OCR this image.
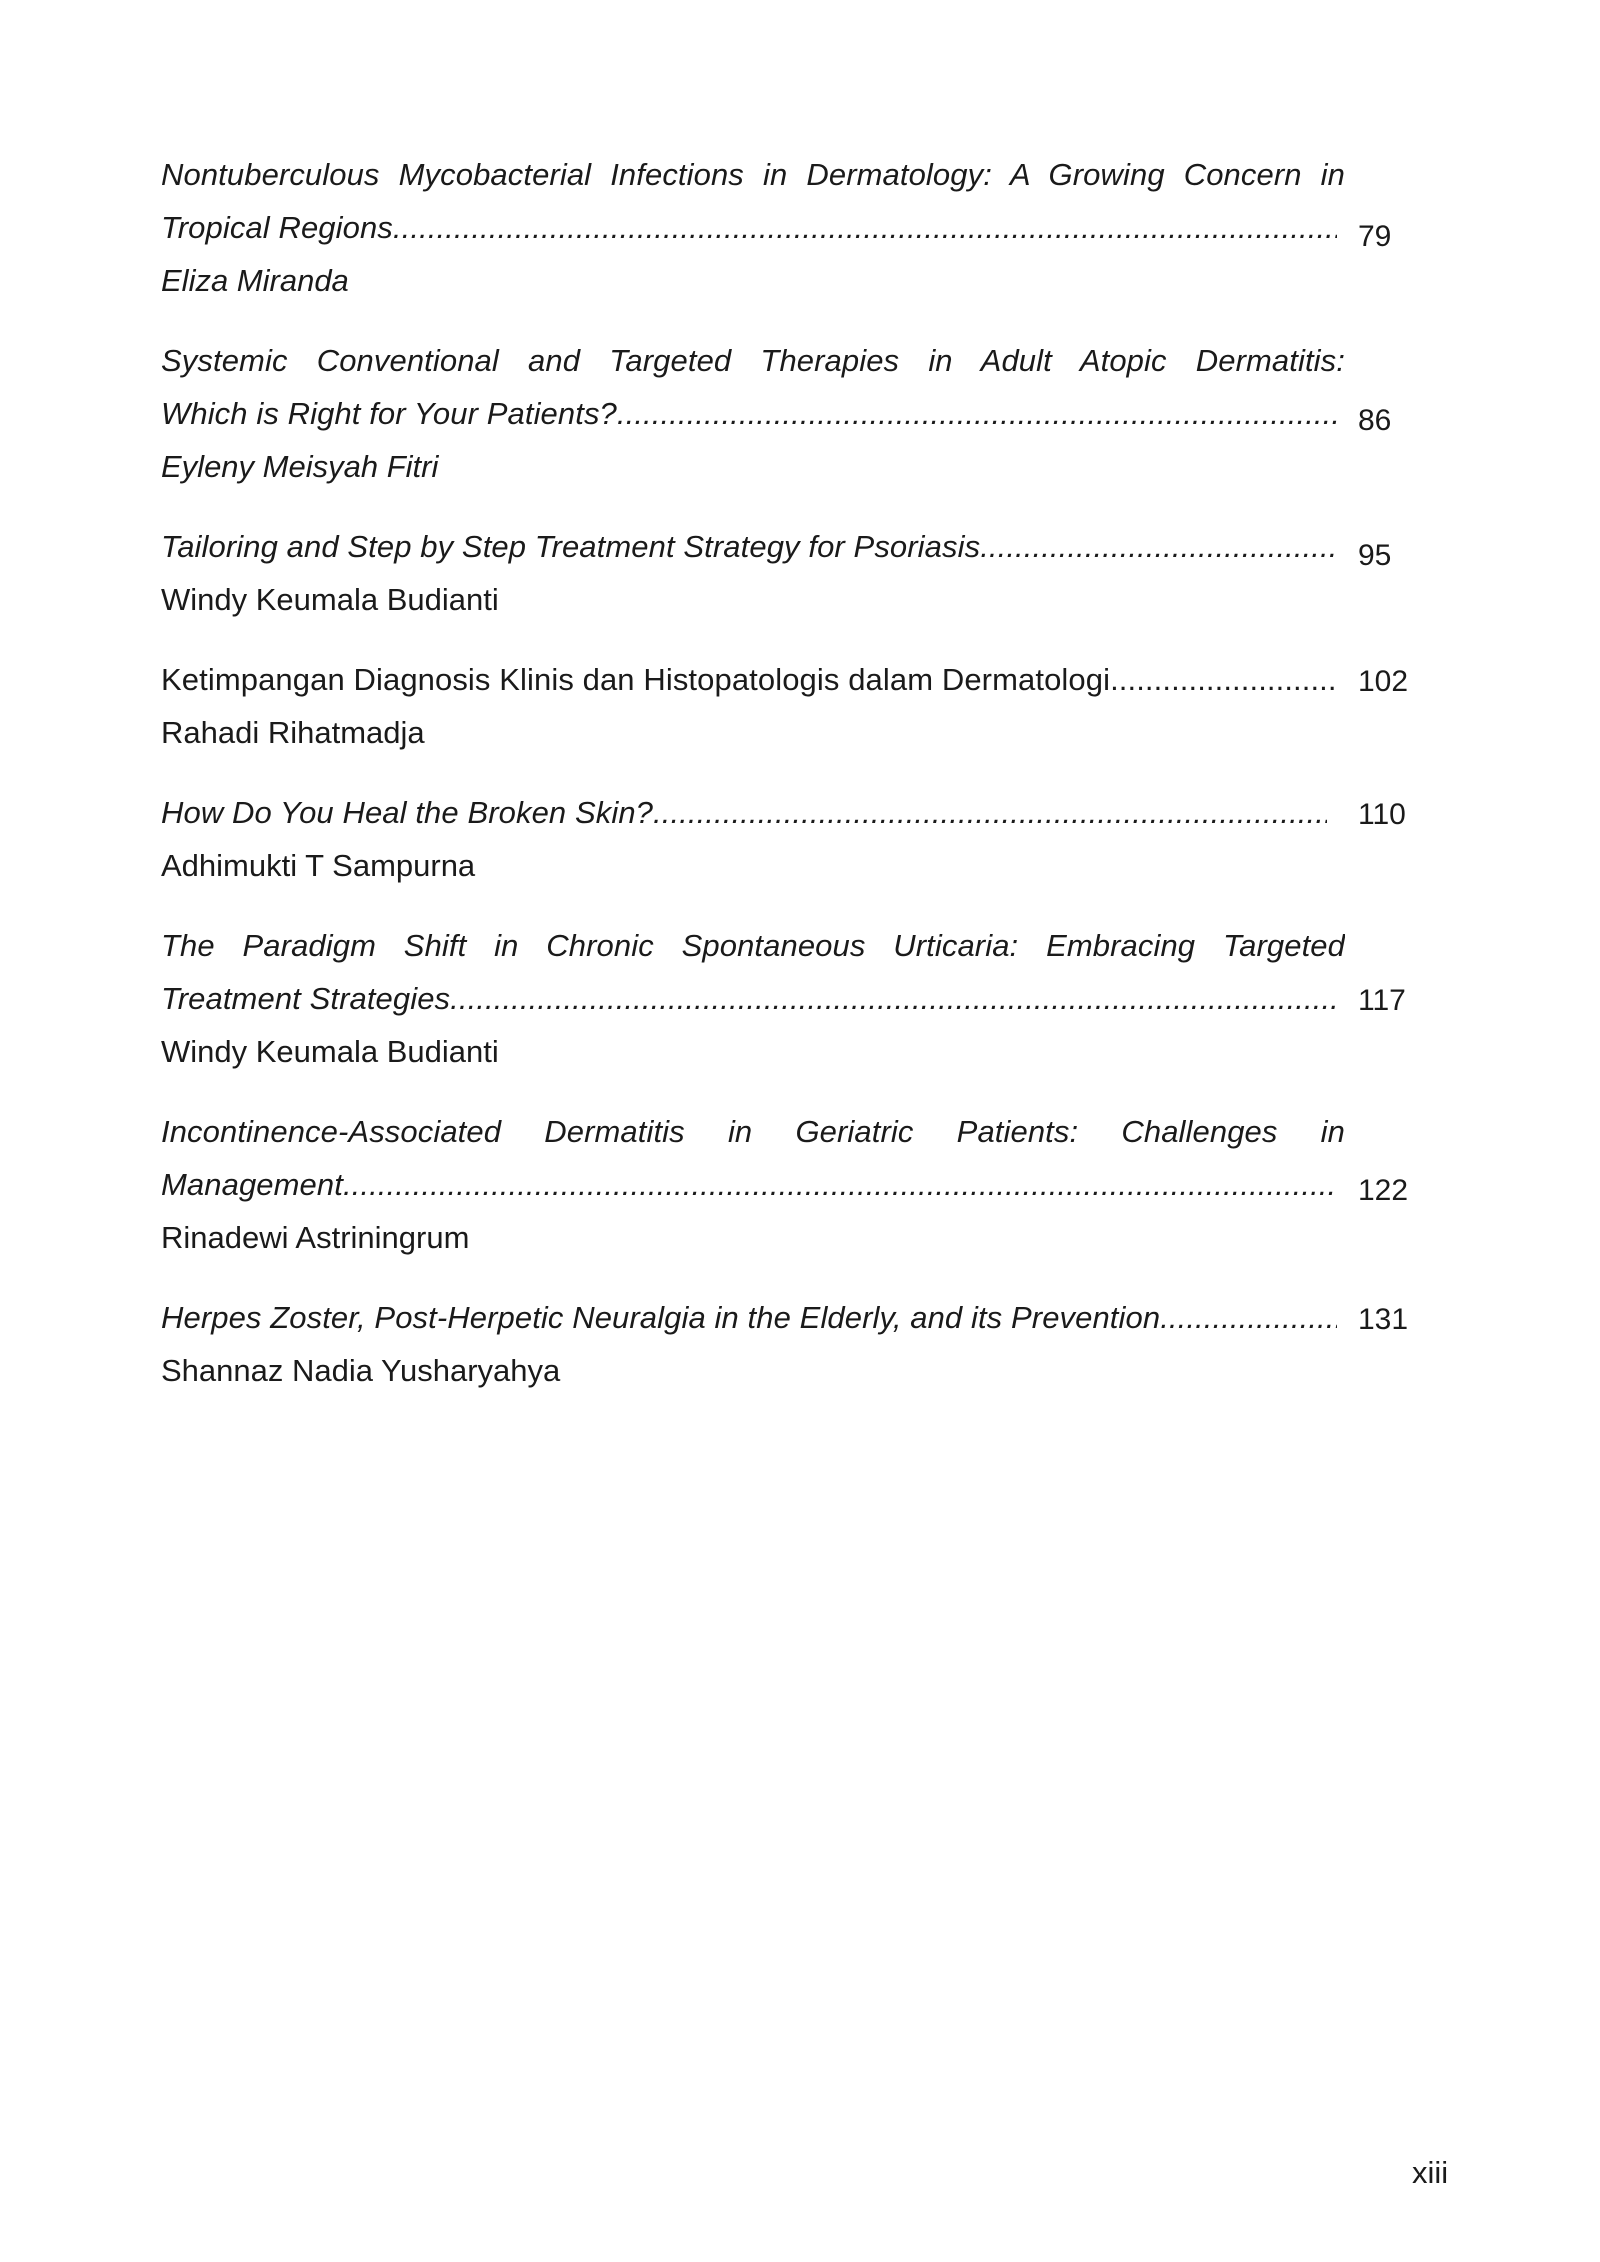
Nontuberculous Mycobacterial Infections in Dermatology: A Growing Concern in
Tropical Regions .....	79
Eliza Miranda
Systemic Conventional and Targeted Therapies in Adult Atopic Dermatitis:
Which is Right for Your Patients? .....	86
Eyleny Meisyah Fitri
Tailoring and Step by Step Treatment Strategy for Psoriasis .....	95
Windy Keumala Budianti
Ketimpangan Diagnosis Klinis dan Histopatologis dalam Dermatologi .....	102
Rahadi Rihatmadja
How Do You Heal the Broken Skin? .....	110
Adhimukti T Sampurna
The Paradigm Shift in Chronic Spontaneous Urticaria: Embracing Targeted
Treatment Strategies .....	117
Windy Keumala Budianti
Incontinence-Associated Dermatitis in Geriatric Patients: Challenges in
Management .....	122
Rinadewi Astriningrum
Herpes Zoster, Post-Herpetic Neuralgia in the Elderly, and its Prevention .....	131
Shannaz Nadia Yusharyahya
xiii
